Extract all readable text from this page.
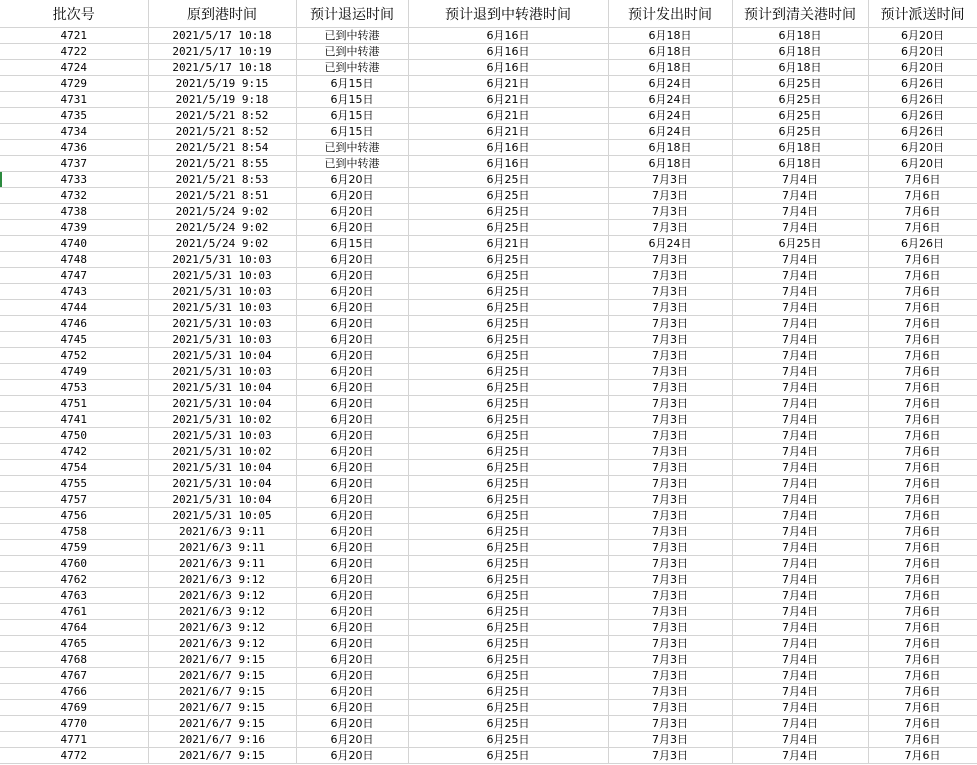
批次号	原到港时间	预计退运时间	预计退到中转港时间	预计发出时间	预计到清关港时间	预计派送时间
4721	2021/5/17 10:18	已到中转港	6月16日	6月18日	6月18日	6月20日
4722	2021/5/17 10:19	已到中转港	6月16日	6月18日	6月18日	6月20日
4724	2021/5/17 10:18	已到中转港	6月16日	6月18日	6月18日	6月20日
4729	2021/5/19 9:15	6月15日	6月21日	6月24日	6月25日	6月26日
4731	2021/5/19 9:18	6月15日	6月21日	6月24日	6月25日	6月26日
4735	2021/5/21 8:52	6月15日	6月21日	6月24日	6月25日	6月26日
4734	2021/5/21 8:52	6月15日	6月21日	6月24日	6月25日	6月26日
4736	2021/5/21 8:54	已到中转港	6月16日	6月18日	6月18日	6月20日
4737	2021/5/21 8:55	已到中转港	6月16日	6月18日	6月18日	6月20日
4733	2021/5/21 8:53	6月20日	6月25日	7月3日	7月4日	7月6日
4732	2021/5/21 8:51	6月20日	6月25日	7月3日	7月4日	7月6日
4738	2021/5/24 9:02	6月20日	6月25日	7月3日	7月4日	7月6日
4739	2021/5/24 9:02	6月20日	6月25日	7月3日	7月4日	7月6日
4740	2021/5/24 9:02	6月15日	6月21日	6月24日	6月25日	6月26日
4748	2021/5/31 10:03	6月20日	6月25日	7月3日	7月4日	7月6日
4747	2021/5/31 10:03	6月20日	6月25日	7月3日	7月4日	7月6日
4743	2021/5/31 10:03	6月20日	6月25日	7月3日	7月4日	7月6日
4744	2021/5/31 10:03	6月20日	6月25日	7月3日	7月4日	7月6日
4746	2021/5/31 10:03	6月20日	6月25日	7月3日	7月4日	7月6日
4745	2021/5/31 10:03	6月20日	6月25日	7月3日	7月4日	7月6日
4752	2021/5/31 10:04	6月20日	6月25日	7月3日	7月4日	7月6日
4749	2021/5/31 10:03	6月20日	6月25日	7月3日	7月4日	7月6日
4753	2021/5/31 10:04	6月20日	6月25日	7月3日	7月4日	7月6日
4751	2021/5/31 10:04	6月20日	6月25日	7月3日	7月4日	7月6日
4741	2021/5/31 10:02	6月20日	6月25日	7月3日	7月4日	7月6日
4750	2021/5/31 10:03	6月20日	6月25日	7月3日	7月4日	7月6日
4742	2021/5/31 10:02	6月20日	6月25日	7月3日	7月4日	7月6日
4754	2021/5/31 10:04	6月20日	6月25日	7月3日	7月4日	7月6日
4755	2021/5/31 10:04	6月20日	6月25日	7月3日	7月4日	7月6日
4757	2021/5/31 10:04	6月20日	6月25日	7月3日	7月4日	7月6日
4756	2021/5/31 10:05	6月20日	6月25日	7月3日	7月4日	7月6日
4758	2021/6/3 9:11	6月20日	6月25日	7月3日	7月4日	7月6日
4759	2021/6/3 9:11	6月20日	6月25日	7月3日	7月4日	7月6日
4760	2021/6/3 9:11	6月20日	6月25日	7月3日	7月4日	7月6日
4762	2021/6/3 9:12	6月20日	6月25日	7月3日	7月4日	7月6日
4763	2021/6/3 9:12	6月20日	6月25日	7月3日	7月4日	7月6日
4761	2021/6/3 9:12	6月20日	6月25日	7月3日	7月4日	7月6日
4764	2021/6/3 9:12	6月20日	6月25日	7月3日	7月4日	7月6日
4765	2021/6/3 9:12	6月20日	6月25日	7月3日	7月4日	7月6日
4768	2021/6/7 9:15	6月20日	6月25日	7月3日	7月4日	7月6日
4767	2021/6/7 9:15	6月20日	6月25日	7月3日	7月4日	7月6日
4766	2021/6/7 9:15	6月20日	6月25日	7月3日	7月4日	7月6日
4769	2021/6/7 9:15	6月20日	6月25日	7月3日	7月4日	7月6日
4770	2021/6/7 9:15	6月20日	6月25日	7月3日	7月4日	7月6日
4771	2021/6/7 9:16	6月20日	6月25日	7月3日	7月4日	7月6日
4772	2021/6/7 9:15	6月20日	6月25日	7月3日	7月4日	7月6日
